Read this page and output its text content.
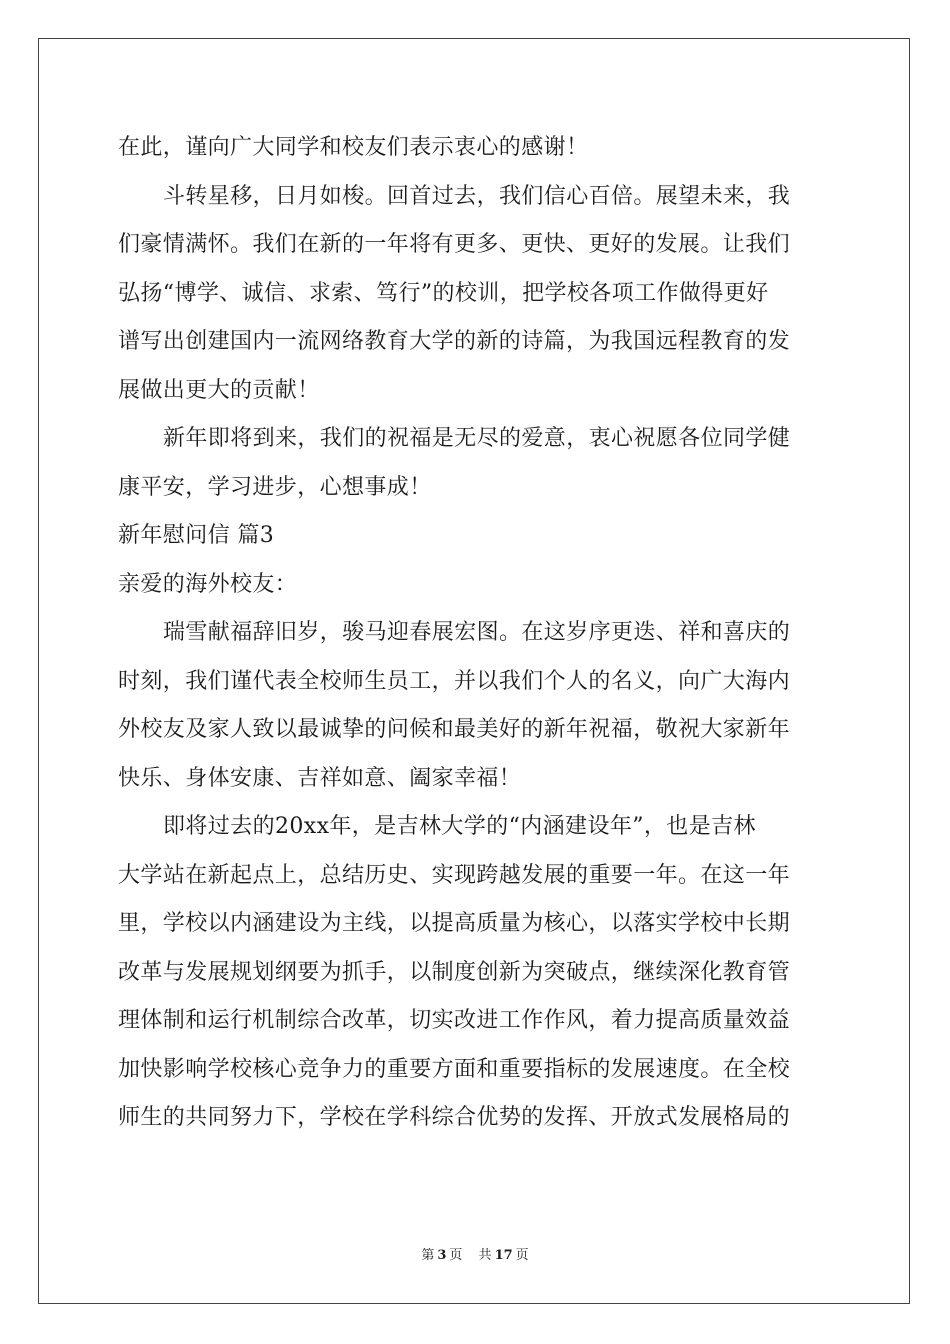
在此，谨向广大同学和校友们表示衷心的感谢！
斗转星移，日月如梭。回首过去，我们信心百倍。展望未来，我
们豪情满怀。我们在新的一年将有更多、更快、更好的发展。让我们
弘扬“博学、诚信、求索、笃行”的校训，把学校各项工作做得更好
谱写出创建国内一流网络教育大学的新的诗篇，为我国远程教育的发
展做出更大的贡献！
新年即将到来，我们的祝福是无尽的爱意，衷心祝愿各位同学健
康平安，学习进步，心想事成！
新年慰问信 篇3
亲爱的海外校友：
瑞雪献福辞旧岁，骏马迎春展宏图。在这岁序更迭、祥和喜庆的
时刻，我们谨代表全校师生员工，并以我们个人的名义，向广大海内
外校友及家人致以最诚挚的问候和最美好的新年祝福，敬祝大家新年
快乐、身体安康、吉祥如意、阖家幸福！
即将过去的20xx年，是吉林大学的“内涵建设年”，也是吉林
大学站在新起点上，总结历史、实现跨越发展的重要一年。在这一年
里，学校以内涵建设为主线，以提高质量为核心，以落实学校中长期
改革与发展规划纲要为抓手，以制度创新为突破点，继续深化教育管
理体制和运行机制综合改革，切实改进工作作风，着力提高质量效益
加快影响学校核心竞争力的重要方面和重要指标的发展速度。在全校
师生的共同努力下，学校在学科综合优势的发挥、开放式发展格局的
第 3 页 共 17 页
